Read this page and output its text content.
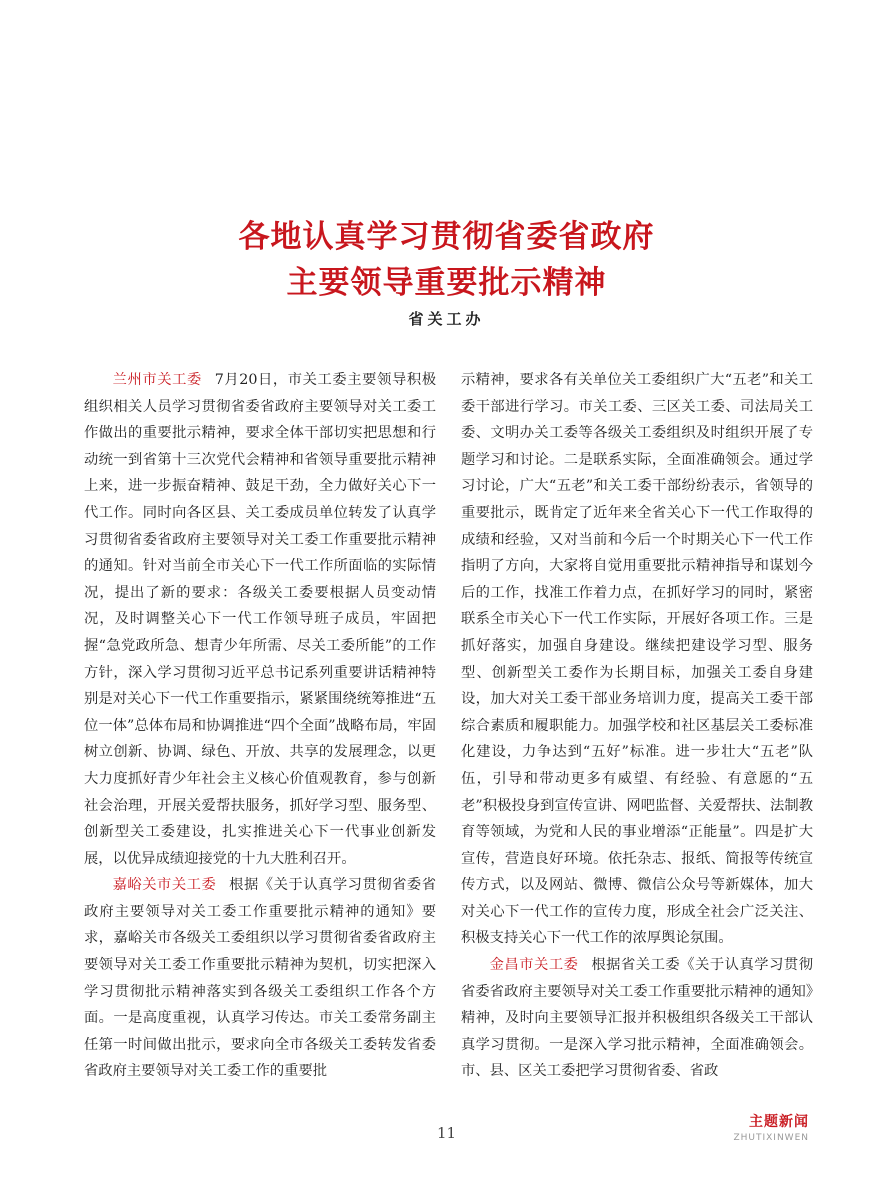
各地认真学习贯彻省委省政府
主要领导重要批示精神
省关工办

兰州市关工委 7月20日，市关工委主要领导积极组织相关人员学习贯彻省委省政府主要领导对关工委工作做出的重要批示精神，要求全体干部切实把思想和行动统一到省第十三次党代会精神和省领导重要批示精神上来，进一步振奋精神、鼓足干劲，全力做好关心下一代工作。同时向各区县、关工委成员单位转发了认真学习贯彻省委省政府主要领导对关工委工作重要批示精神的通知。针对当前全市关心下一代工作所面临的实际情况，提出了新的要求：各级关工委要根据人员变动情况，及时调整关心下一代工作领导班子成员，牢固把握“急党政所急、想青少年所需、尽关工委所能”的工作方针，深入学习贯彻习近平总书记系列重要讲话精神特别是对关心下一代工作重要指示，紧紧围绕统筹推进“五位一体”总体布局和协调推进“四个全面”战略布局，牢固树立创新、协调、绿色、开放、共享的发展理念，以更大力度抓好青少年社会主义核心价值观教育，参与创新社会治理，开展关爱帮扶服务，抓好学习型、服务型、创新型关工委建设，扎实推进关心下一代事业创新发展，以优异成绩迎接党的十九大胜利召开。

嘉峪关市关工委 根据《关于认真学习贯彻省委省政府主要领导对关工委工作重要批示精神的通知》要求，嘉峪关市各级关工委组织以学习贯彻省委省政府主要领导对关工委工作重要批示精神为契机，切实把深入学习贯彻批示精神落实到各级关工委组织工作各个方面。一是高度重视，认真学习传达。市关工委常务副主任第一时间做出批示，要求向全市各级关工委转发省委省政府主要领导对关工委工作的重要批

示精神，要求各有关单位关工委组织广大“五老”和关工委干部进行学习。市关工委、三区关工委、司法局关工委、文明办关工委等各级关工委组织及时组织开展了专题学习和讨论。二是联系实际，全面准确领会。通过学习讨论，广大“五老”和关工委干部纷纷表示，省领导的重要批示，既肯定了近年来全省关心下一代工作取得的成绩和经验，又对当前和今后一个时期关心下一代工作指明了方向，大家将自觉用重要批示精神指导和谋划今后的工作，找准工作着力点，在抓好学习的同时，紧密联系全市关心下一代工作实际，开展好各项工作。三是抓好落实，加强自身建设。继续把建设学习型、服务型、创新型关工委作为长期目标，加强关工委自身建设，加大对关工委干部业务培训力度，提高关工委干部综合素质和履职能力。加强学校和社区基层关工委标准化建设，力争达到“五好”标准。进一步壮大“五老”队伍，引导和带动更多有威望、有经验、有意愿的“五老”积极投身到宣传宣讲、网吧监督、关爱帮扶、法制教育等领域，为党和人民的事业增添“正能量”。四是扩大宣传，营造良好环境。依托杂志、报纸、简报等传统宣传方式，以及网站、微博、微信公众号等新媒体，加大对关心下一代工作的宣传力度，形成全社会广泛关注、积极支持关心下一代工作的浓厚舆论氛围。

金昌市关工委 根据省关工委《关于认真学习贯彻省委省政府主要领导对关工委工作重要批示精神的通知》精神，及时向主要领导汇报并积极组织各级关工干部认真学习贯彻。一是深入学习批示精神，全面准确领会。市、县、区关工委把学习贯彻省委、省政

11
主题新闻
ZHUTIXINWEN
